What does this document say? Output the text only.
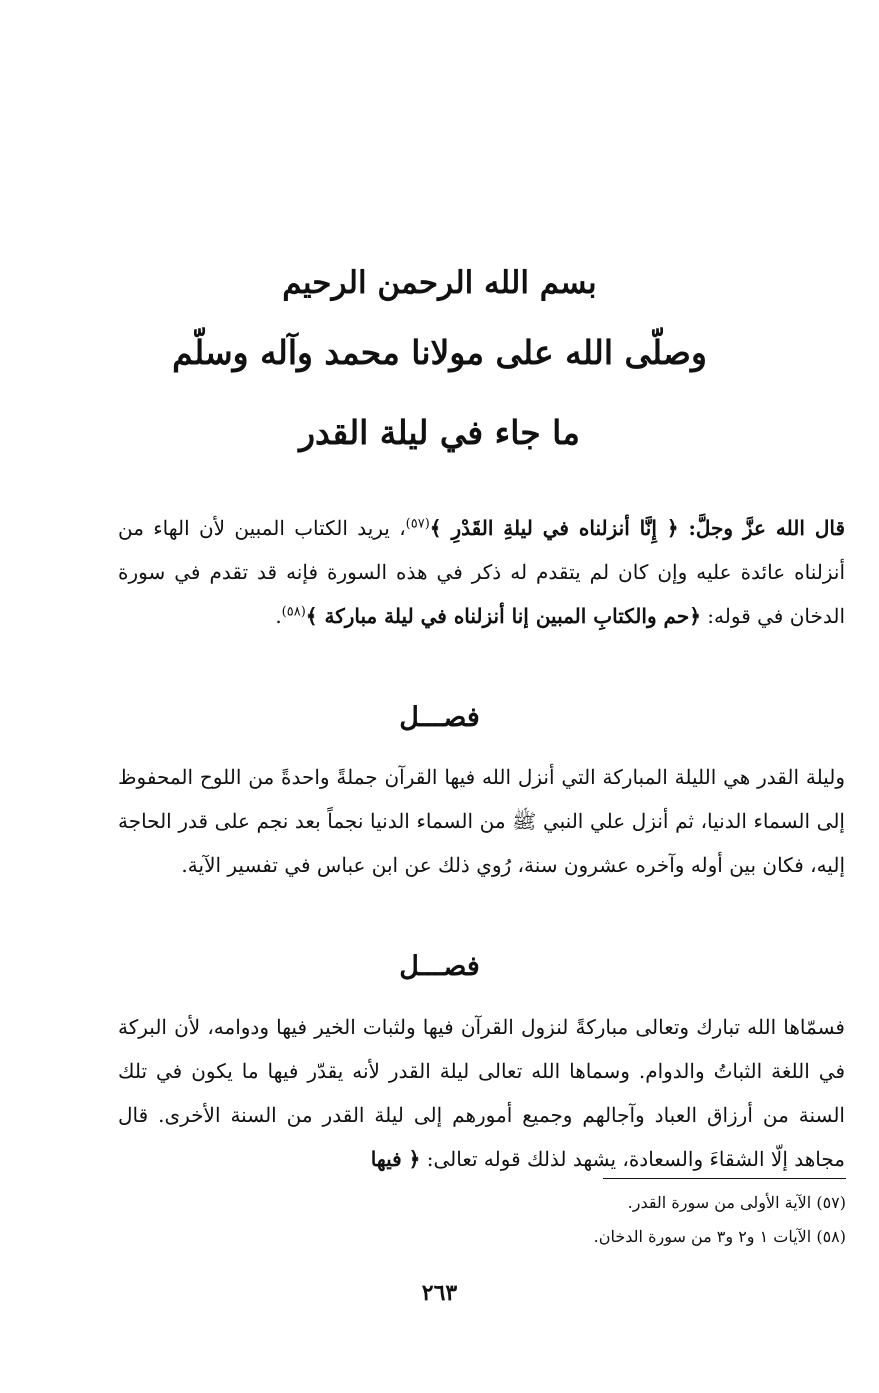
بسم الله الرحمن الرحيم
وصلّى الله على مولانا محمد وآله وسلّم
ما جاء في ليلة القدر
قال الله عزَّ وجلَّ: ﴿ إِنَّا أنزلناه في ليلةِ القَدْرِ ﴾$^{(٥٧)}$، يريد الكتاب المبين لأن الهاء من أنزلناه عائدة عليه وإن كان لم يتقدم له ذكر في هذه السورة فإنه قد تقدم في سورة الدخان في قوله: ﴿حم والكتابِ المبين إنا أنزلناه في ليلة مباركة ﴾$^{(٥٨)}$.
فصـــل
وليلة القدر هي الليلة المباركة التي أنزل الله فيها القرآن جملةً واحدةً من اللوح المحفوظ إلى السماء الدنيا، ثم أنزل علي النبي ﷺ من السماء الدنيا نجماً بعد نجم على قدر الحاجة إليه، فكان بين أوله وآخره عشرون سنة، رُوي ذلك عن ابن عباس في تفسير الآية.
فصـــل
فسمّاها الله تبارك وتعالى مباركةً لنزول القرآن فيها ولثبات الخير فيها ودوامه، لأن البركة في اللغة الثباتُ والدوام. وسماها الله تعالى ليلة القدر لأنه يقدّر فيها ما يكون في تلك السنة من أرزاق العباد وآجالهم وجميع أمورهم إلى ليلة القدر من السنة الأخرى. قال مجاهد إلّا الشقاءَ والسعادة، يشهد لذلك قوله تعالى: ﴿ فيها
(٥٧) الآية الأولى من سورة القدر.
(٥٨) الآيات ١ و٢ و٣ من سورة الدخان.
٢٦٣
